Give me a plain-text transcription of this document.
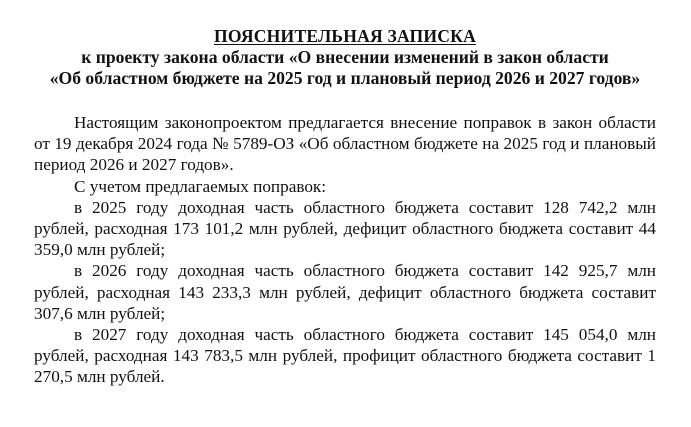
ПОЯСНИТЕЛЬНАЯ ЗАПИСКА
к проекту закона области «О внесении изменений в закон области
«Об областном бюджете на 2025 год и плановый период 2026 и 2027 годов»

Настоящим законопроектом предлагается внесение поправок в закон области от 19 декабря 2024 года № 5789-ОЗ «Об областном бюджете на 2025 год и плановый период 2026 и 2027 годов».

С учетом предлагаемых поправок:

в 2025 году доходная часть областного бюджета составит 128 742,2 млн рублей, расходная 173 101,2 млн рублей, дефицит областного бюджета составит 44 359,0 млн рублей;

в 2026 году доходная часть областного бюджета составит 142 925,7 млн рублей, расходная 143 233,3 млн рублей, дефицит областного бюджета составит 307,6 млн рублей;

в 2027 году доходная часть областного бюджета составит 145 054,0 млн рублей, расходная 143 783,5 млн рублей, профицит областного бюджета составит 1 270,5 млн рублей.
